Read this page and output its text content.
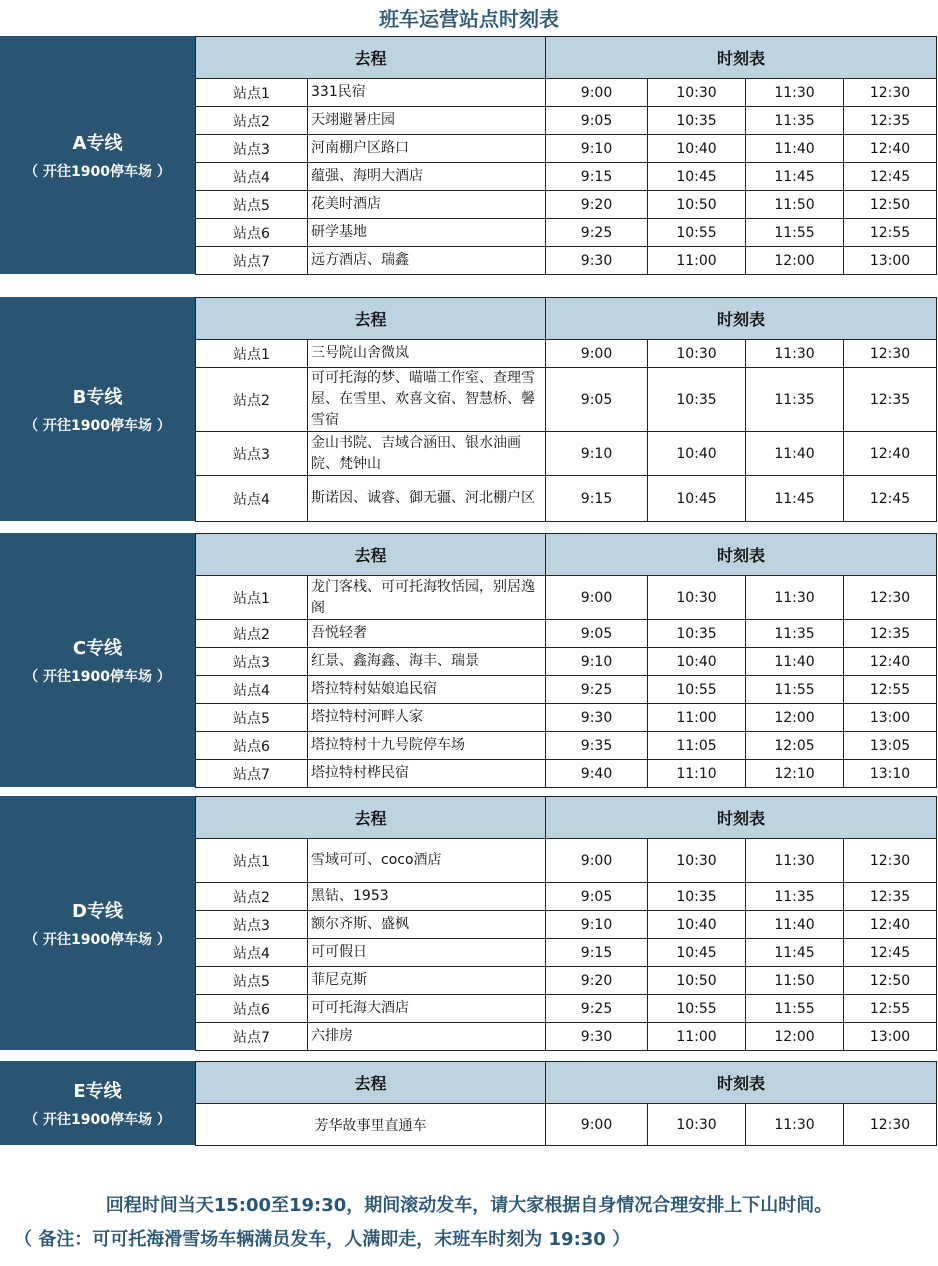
班车运营站点时刻表
A专线
（ 开往1900停车场 ）
去程		时刻表			
站点1	331民宿	9:00	10:30	11:30	12:30
站点2	天翊避暑庄园	9:05	10:35	11:35	12:35
站点3	河南棚户区路口	9:10	10:40	11:40	12:40
站点4	蕴强、海明大酒店	9:15	10:45	11:45	12:45
站点5	花美时酒店	9:20	10:50	11:50	12:50
站点6	研学基地	9:25	10:55	11:55	12:55
站点7	远方酒店、瑞鑫	9:30	11:00	12:00	13:00
B专线
（ 开往1900停车场 ）
去程		时刻表			
站点1	三号院山舍微岚	9:00	10:30	11:30	12:30
站点2	可可托海的梦、喵喵工作室、查理雪屋、在雪里、欢喜文宿、智慧桥、馨雪宿	9:05	10:35	11:35	12:35
站点3	金山书院、吉域合涵田、银水油画院、梵钟山	9:10	10:40	11:40	12:40
站点4	斯诺因、诚睿、御无疆、河北棚户区	9:15	10:45	11:45	12:45
C专线
（ 开往1900停车场 ）
去程		时刻表			
站点1	龙门客栈、可可托海牧恬园，别居逸阁	9:00	10:30	11:30	12:30
站点2	吾悦轻奢	9:05	10:35	11:35	12:35
站点3	红景、鑫海鑫、海丰、瑞景	9:10	10:40	11:40	12:40
站点4	塔拉特村姑娘追民宿	9:25	10:55	11:55	12:55
站点5	塔拉特村河畔人家	9:30	11:00	12:00	13:00
站点6	塔拉特村十九号院停车场	9:35	11:05	12:05	13:05
站点7	塔拉特村桦民宿	9:40	11:10	12:10	13:10
D专线
（ 开往1900停车场 ）
去程		时刻表			
站点1	雪域可可、coco酒店	9:00	10:30	11:30	12:30
站点2	黑钻、1953	9:05	10:35	11:35	12:35
站点3	额尔齐斯、盛枫	9:10	10:40	11:40	12:40
站点4	可可假日	9:15	10:45	11:45	12:45
站点5	菲尼克斯	9:20	10:50	11:50	12:50
站点6	可可托海大酒店	9:25	10:55	11:55	12:55
站点7	六排房	9:30	11:00	12:00	13:00
E专线
（ 开往1900停车场 ）
去程	时刻表			
芳华故事里直通车	9:00	10:30	11:30	12:30
回程时间当天15:00至19:30，期间滚动发车，请大家根据自身情况合理安排上下山时间。
（ 备注：可可托海滑雪场车辆满员发车，人满即走，末班车时刻为 19:30 ）
